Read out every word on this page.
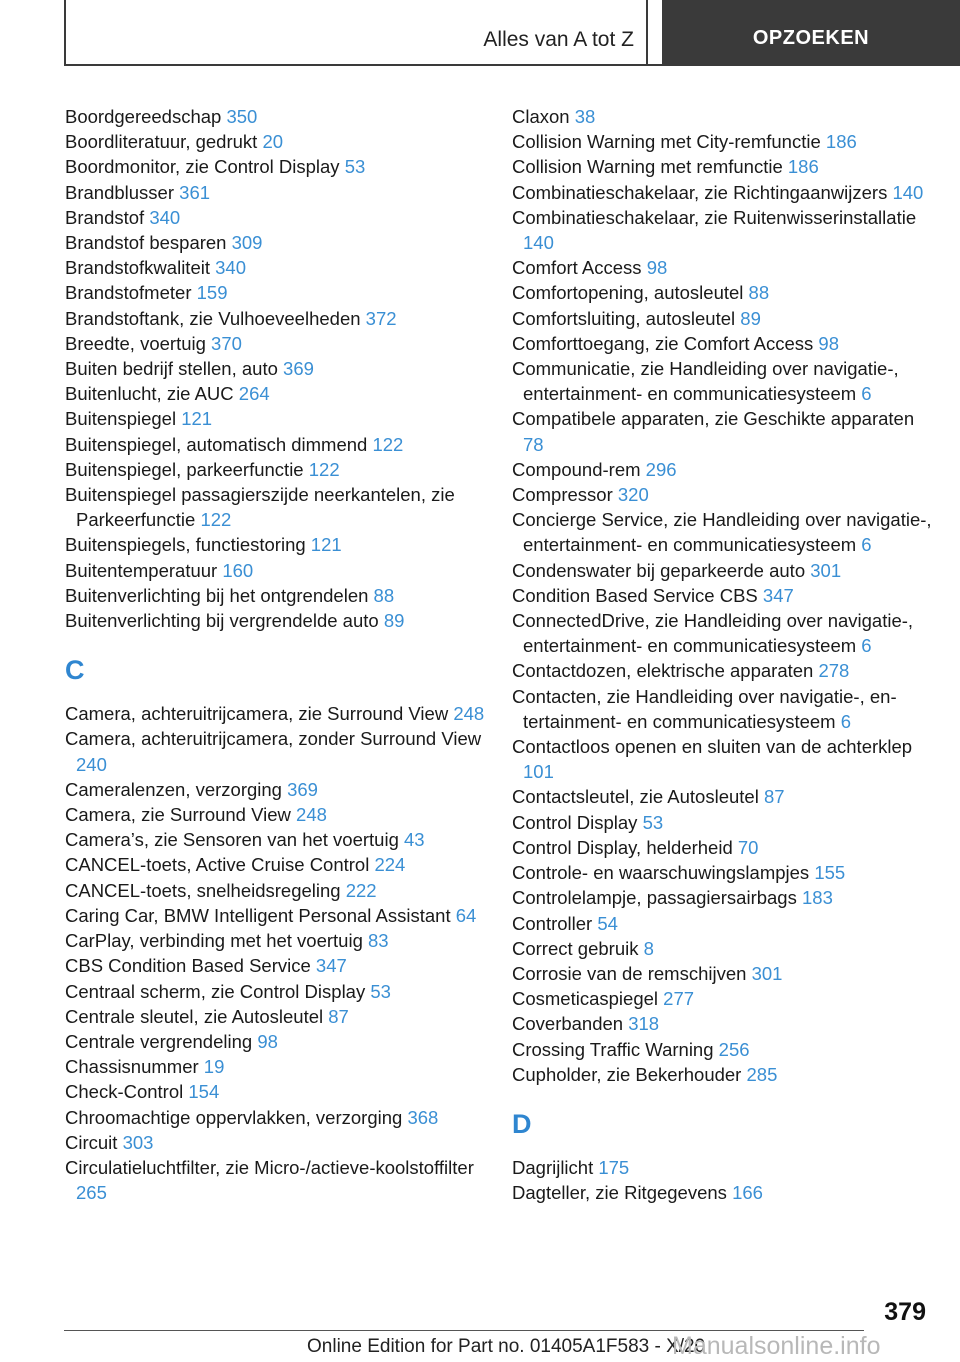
Alles van A tot Z	OPZOEKEN
Boordgereedschap 350
Boordliteratuur, gedrukt 20
Boordmonitor, zie Control Display 53
Brandblusser 361
Brandstof 340
Brandstof besparen 309
Brandstofkwaliteit 340
Brandstofmeter 159
Brandstoftank, zie Vulhoeveelheden 372
Breedte, voertuig 370
Buiten bedrijf stellen, auto 369
Buitenlucht, zie AUC 264
Buitenspiegel 121
Buitenspiegel, automatisch dimmend 122
Buitenspiegel, parkeerfunctie 122
Buitenspiegel passagierszijde neerkantelen, zie Parkeerfunctie 122
Buitenspiegels, functiestoring 121
Buitentemperatuur 160
Buitenverlichting bij het ontgrendelen 88
Buitenverlichting bij vergrendelde auto 89
C
Camera, achteruitrijcamera, zie Surround View 248
Camera, achteruitrijcamera, zonder Surround View 240
Cameralenzen, verzorging 369
Camera, zie Surround View 248
Camera’s, zie Sensoren van het voertuig 43
CANCEL-toets, Active Cruise Control 224
CANCEL-toets, snelheidsregeling 222
Caring Car, BMW Intelligent Personal Assistant 64
CarPlay, verbinding met het voertuig 83
CBS Condition Based Service 347
Centraal scherm, zie Control Display 53
Centrale sleutel, zie Autosleutel 87
Centrale vergrendeling 98
Chassisnummer 19
Check-Control 154
Chroomachtige oppervlakken, verzorging 368
Circuit 303
Circulatieluchtfilter, zie Micro-/actieve-koolstoffilter 265
Claxon 38
Collision Warning met City-remfunctie 186
Collision Warning met remfunctie 186
Combinatieschakelaar, zie Richtingaanwijzers 140
Combinatieschakelaar, zie Ruitenwisserinstallatie 140
Comfort Access 98
Comfortopening, autosleutel 88
Comfortsluiting, autosleutel 89
Comforttoegang, zie Comfort Access 98
Communicatie, zie Handleiding over navigatie-, entertainment- en communicatiesysteem 6
Compatibele apparaten, zie Geschikte apparaten 78
Compound-rem 296
Compressor 320
Concierge Service, zie Handleiding over navigatie-, entertainment- en communicatiesysteem 6
Condenswater bij geparkeerde auto 301
Condition Based Service CBS 347
ConnectedDrive, zie Handleiding over navigatie-, entertainment- en communicatiesysteem 6
Contactdozen, elektrische apparaten 278
Contacten, zie Handleiding over navigatie-, entertainment- en communicatiesysteem 6
Contactloos openen en sluiten van de achterklep 101
Contactsleutel, zie Autosleutel 87
Control Display 53
Control Display, helderheid 70
Controle- en waarschuwingslampjes 155
Controlelampje, passagiersairbags 183
Controller 54
Correct gebruik 8
Corrosie van de remschijven 301
Cosmeticaspiegel 277
Coverbanden 318
Crossing Traffic Warning 256
Cupholder, zie Bekerhouder 285
D
Dagrijlicht 175
Dagteller, zie Ritgegevens 166
379
Online Edition for Part no. 01405A1F583 - X/20
Manualsonline.info
